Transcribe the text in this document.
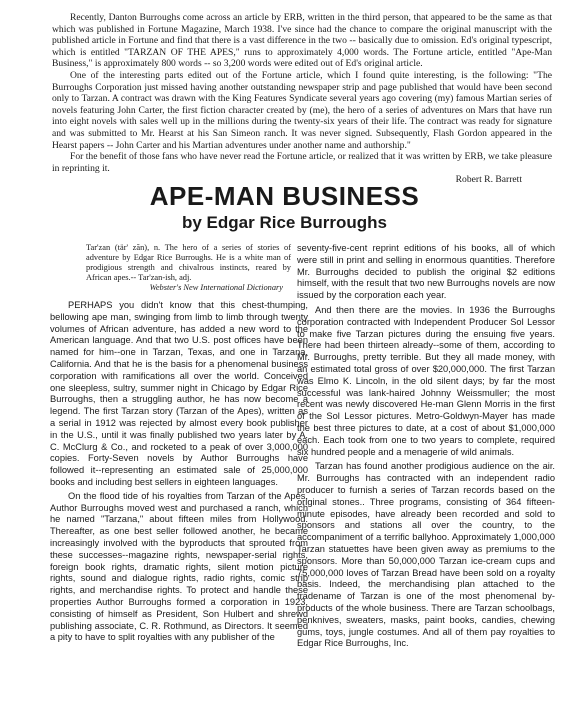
Recently, Danton Burroughs come across an article by ERB, written in the third person, that appeared to be the same as that which was published in Fortune Magazine, March 1938. I've since had the chance to compare the original manuscript with the published article in Fortune and find that there is a vast difference in the two -- basically due to omission. Ed's original typescript, which is entitled "TARZAN OF THE APES," runs to approximately 4,000 words. The Fortune article, entitled "Ape-Man Business," is approximately 800 words -- so 3,200 words were edited out of Ed's original article.

One of the interesting parts edited out of the Fortune article, which I found quite interesting, is the following: "The Burroughs Corporation just missed having another outstanding newspaper strip and page published that would have been second only to Tarzan. A contract was drawn with the King Features Syndicate several years ago covering (my) famous Martian series of novels featuring John Carter, the first fiction character created by (me), the hero of a series of adventures on Mars that have run into eight novels with sales well up in the millions during the twenty-six years of their life. The contract was ready for signature and was submitted to Mr. Hearst at his San Simeon ranch. It was never signed. Subsequently, Flash Gordon appeared in the Hearst papers -- John Carter and his Martian adventures under another name and authorship."

For the benefit of those fans who have never read the Fortune article, or realized that it was written by ERB, we take pleasure in reprinting it.

Robert R. Barrett

APE-MAN BUSINESS
by Edgar Rice Burroughs
Tar'zan (tär' zăn), n. The hero of a series of stories of adventure by Edgar Rice Burroughs. He is a white man of prodigious strength and chivalrous instincts, reared by African apes.-- Tar'zan-ish, adj.
Webster's New International Dictionary

PERHAPS you didn't know that this chest-thumping, bellowing ape man, swinging from limb to limb through twenty volumes of African adventure, has added a new word to the American language. And that two U.S. post offices have been named for him--one in Tarzan, Texas, and one in Tarzana, California. And that he is the basis for a phenomenal business corporation with ramifications all over the world. Conceived one sleepless, sultry, summer night in Chicago by Edgar Rice Burroughs, then a struggling author, he has now become a legend. The first Tarzan story (Tarzan of the Apes), written as a serial in 1912 was rejected by almost every book publisher in the U.S., until it was finally published two years later by A. C. McClurg & Co., and rocketed to a peak of over 3,000,000 copies. Forty-Seven novels by Author Burroughs have followed it--representing an estimated sale of 25,000,000 books and including best sellers in eighteen languages.

On the flood tide of his royalties from Tarzan of the Apes, Author Burroughs moved west and purchased a ranch, which he named "Tarzana," about fifteen miles from Hollywood. Thereafter, as one best seller followed another, he became increasingly involved with the byproducts that sprouted from these successes--magazine rights, newspaper-serial rights, foreign book rights, dramatic rights, silent motion picture rights, sound and dialogue rights, radio rights, comic strip rights, and merchandise rights. To protect and handle these properties Author Burroughs formed a corporation in 1923, consisting of himself as President, Son Hulbert and shrewd publishing associate, C. R. Rothmund, as Directors. It seemed a pity to have to split royalties with any publisher of the

seventy-five-cent reprint editions of his books, all of which were still in print and selling in enormous quantities. Therefore Mr. Burroughs decided to publish the original $2 editions himself, with the result that two new Burroughs novels are now issued by the corporation each year.

And then there are the movies. In 1936 the Burroughs corporation contracted with Independent Producer Sol Lessor to make five Tarzan pictures during the ensuing five years. There had been thirteen already--some of them, according to Mr. Burroughs, pretty terrible. But they all made money, with an estimated total gross of over $20,000,000. The first Tarzan was Elmo K. Lincoln, in the old silent days; by far the most successful was lank-haired Johnny Weissmuller; the most recent was newly discovered He-man Glenn Morris in the first of the Sol Lessor pictures. Metro-Goldwyn-Mayer has made the best three pictures to date, at a cost of about $1,000,000 each. Each took from one to two years to complete, required six hundred people and a menagerie of wild animals.

Tarzan has found another prodigious audience on the air. Mr. Burroughs has contracted with an independent radio producer to furnish a series of Tarzan records based on the original stones.. Three programs, consisting of 364 fifteen-minute episodes, have already been recorded and sold to sponsors and stations all over the country, to the accompaniment of a terrific ballyhoo. Approximately 1,000,000 Tarzan statuettes have been given away as premiums to the sponsors. More than 50,000,000 Tarzan ice-cream cups and 75,000,000 loves of Tarzan Bread have been sold on a royalty basis. Indeed, the merchandising plan attached to the tradename of Tarzan is one of the most phenomenal by-products of the whole business. There are Tarzan schoolbags, penknives, sweaters, masks, paint books, candies, chewing gums, toys, jungle costumes. And all of them pay royalties to Edgar Rice Burroughs, Inc.
